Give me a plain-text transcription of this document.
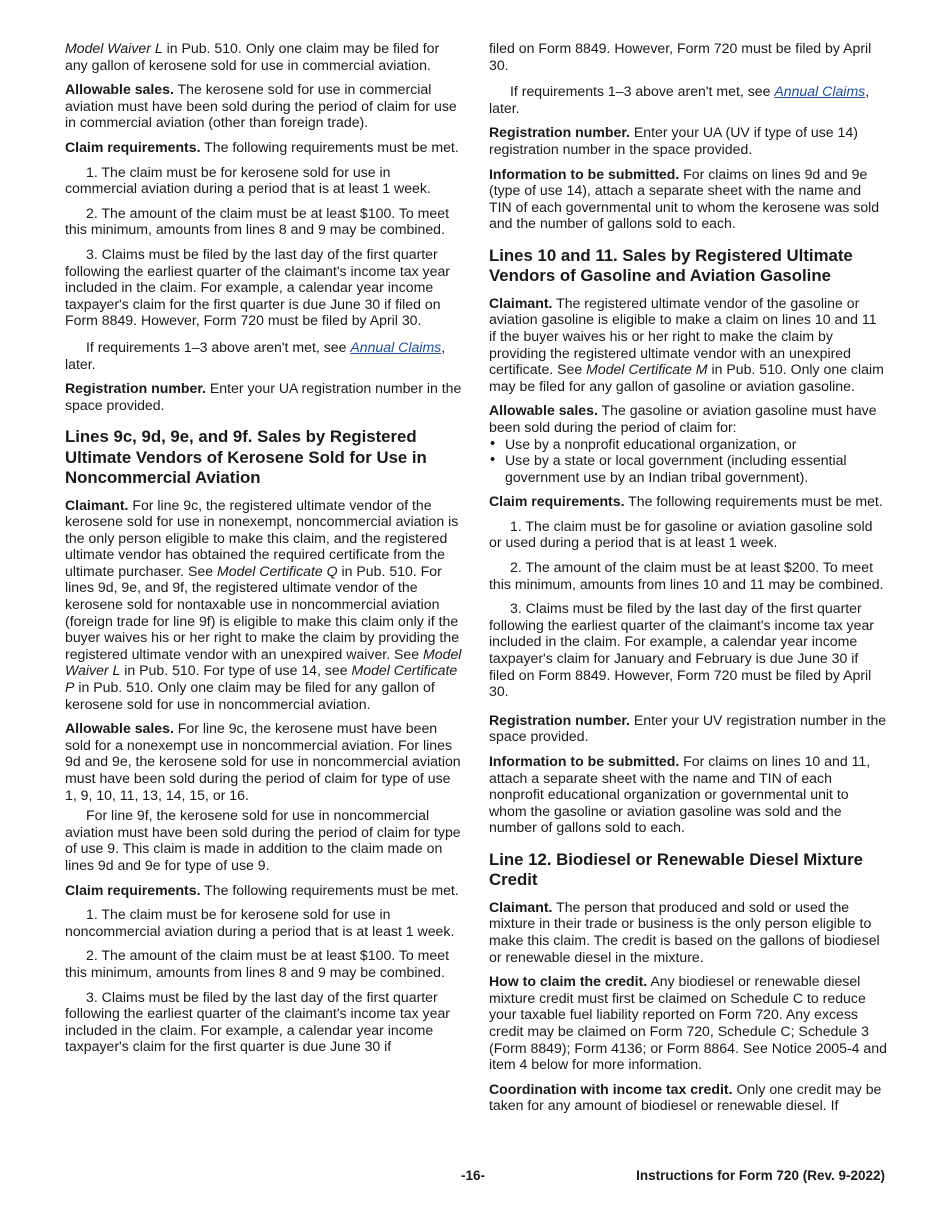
Model Waiver L in Pub. 510. Only one claim may be filed for any gallon of kerosene sold for use in commercial aviation.

Allowable sales. The kerosene sold for use in commercial aviation must have been sold during the period of claim for use in commercial aviation (other than foreign trade).

Claim requirements. The following requirements must be met.

1. The claim must be for kerosene sold for use in commercial aviation during a period that is at least 1 week.

2. The amount of the claim must be at least $100. To meet this minimum, amounts from lines 8 and 9 may be combined.

3. Claims must be filed by the last day of the first quarter following the earliest quarter of the claimant's income tax year included in the claim. For example, a calendar year income taxpayer's claim for the first quarter is due June 30 if filed on Form 8849. However, Form 720 must be filed by April 30.

If requirements 1–3 above aren't met, see Annual Claims, later.

Registration number. Enter your UA registration number in the space provided.

Lines 9c, 9d, 9e, and 9f. Sales by Registered Ultimate Vendors of Kerosene Sold for Use in Noncommercial Aviation

Claimant. For line 9c, the registered ultimate vendor of the kerosene sold for use in nonexempt, noncommercial aviation is the only person eligible to make this claim, and the registered ultimate vendor has obtained the required certificate from the ultimate purchaser. See Model Certificate Q in Pub. 510. For lines 9d, 9e, and 9f, the registered ultimate vendor of the kerosene sold for nontaxable use in noncommercial aviation (foreign trade for line 9f) is eligible to make this claim only if the buyer waives his or her right to make the claim by providing the registered ultimate vendor with an unexpired waiver. See Model Waiver L in Pub. 510. For type of use 14, see Model Certificate P in Pub. 510. Only one claim may be filed for any gallon of kerosene sold for use in noncommercial aviation.

Allowable sales. For line 9c, the kerosene must have been sold for a nonexempt use in noncommercial aviation. For lines 9d and 9e, the kerosene sold for use in noncommercial aviation must have been sold during the period of claim for type of use 1, 9, 10, 11, 13, 14, 15, or 16.

For line 9f, the kerosene sold for use in noncommercial aviation must have been sold during the period of claim for type of use 9. This claim is made in addition to the claim made on lines 9d and 9e for type of use 9.

Claim requirements. The following requirements must be met.

1. The claim must be for kerosene sold for use in noncommercial aviation during a period that is at least 1 week.

2. The amount of the claim must be at least $100. To meet this minimum, amounts from lines 8 and 9 may be combined.

3. Claims must be filed by the last day of the first quarter following the earliest quarter of the claimant's income tax year included in the claim. For example, a calendar year income taxpayer's claim for the first quarter is due June 30 if

filed on Form 8849. However, Form 720 must be filed by April 30.

If requirements 1–3 above aren't met, see Annual Claims, later.

Registration number. Enter your UA (UV if type of use 14) registration number in the space provided.

Information to be submitted. For claims on lines 9d and 9e (type of use 14), attach a separate sheet with the name and TIN of each governmental unit to whom the kerosene was sold and the number of gallons sold to each.

Lines 10 and 11. Sales by Registered Ultimate Vendors of Gasoline and Aviation Gasoline

Claimant. The registered ultimate vendor of the gasoline or aviation gasoline is eligible to make a claim on lines 10 and 11 if the buyer waives his or her right to make the claim by providing the registered ultimate vendor with an unexpired certificate. See Model Certificate M in Pub. 510. Only one claim may be filed for any gallon of gasoline or aviation gasoline.

Allowable sales. The gasoline or aviation gasoline must have been sold during the period of claim for:

• Use by a nonprofit educational organization, or
• Use by a state or local government (including essential government use by an Indian tribal government).

Claim requirements. The following requirements must be met.

1. The claim must be for gasoline or aviation gasoline sold or used during a period that is at least 1 week.

2. The amount of the claim must be at least $200. To meet this minimum, amounts from lines 10 and 11 may be combined.

3. Claims must be filed by the last day of the first quarter following the earliest quarter of the claimant's income tax year included in the claim. For example, a calendar year income taxpayer's claim for January and February is due June 30 if filed on Form 8849. However, Form 720 must be filed by April 30.

Registration number. Enter your UV registration number in the space provided.

Information to be submitted. For claims on lines 10 and 11, attach a separate sheet with the name and TIN of each nonprofit educational organization or governmental unit to whom the gasoline or aviation gasoline was sold and the number of gallons sold to each.

Line 12. Biodiesel or Renewable Diesel Mixture Credit

Claimant. The person that produced and sold or used the mixture in their trade or business is the only person eligible to make this claim. The credit is based on the gallons of biodiesel or renewable diesel in the mixture.

How to claim the credit. Any biodiesel or renewable diesel mixture credit must first be claimed on Schedule C to reduce your taxable fuel liability reported on Form 720. Any excess credit may be claimed on Form 720, Schedule C; Schedule 3 (Form 8849); Form 4136; or Form 8864. See Notice 2005-4 and item 4 below for more information.

Coordination with income tax credit. Only one credit may be taken for any amount of biodiesel or renewable diesel. If

-16-	Instructions for Form 720 (Rev. 9-2022)
